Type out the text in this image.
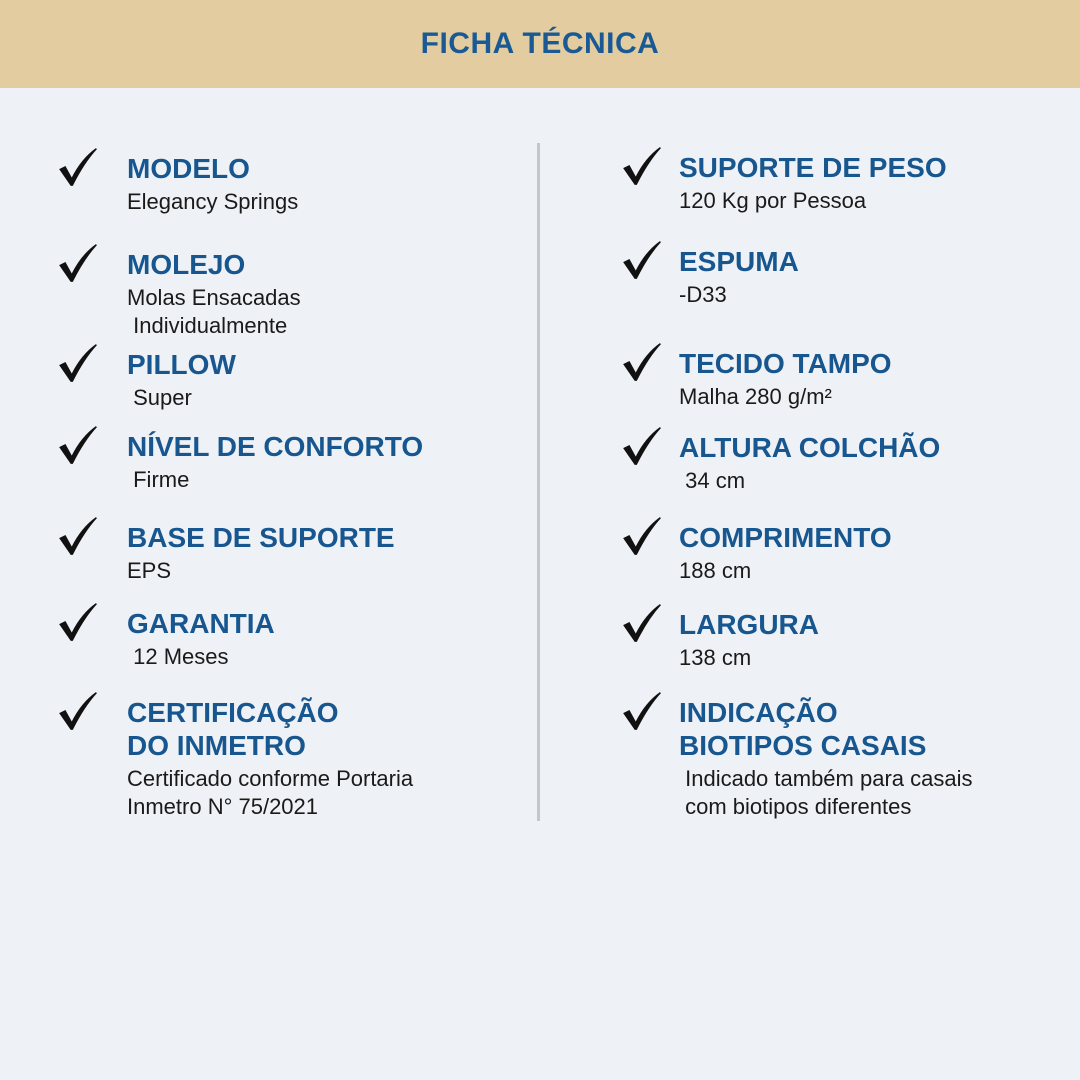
FICHA TÉCNICA
MODELO
Elegancy Springs
MOLEJO
Molas Ensacadas
Individualmente
PILLOW
Super
NÍVEL DE CONFORTO
Firme
BASE DE SUPORTE
EPS
GARANTIA
12 Meses
CERTIFICAÇÃO
DO INMETRO
Certificado conforme Portaria
Inmetro N° 75/2021
SUPORTE DE PESO
120 Kg por Pessoa
ESPUMA
-D33
TECIDO TAMPO
Malha 280 g/m²
ALTURA COLCHÃO
34 cm
COMPRIMENTO
188 cm
LARGURA
138 cm
INDICAÇÃO
BIOTIPOS CASAIS
Indicado também para casais
com biotipos diferentes
